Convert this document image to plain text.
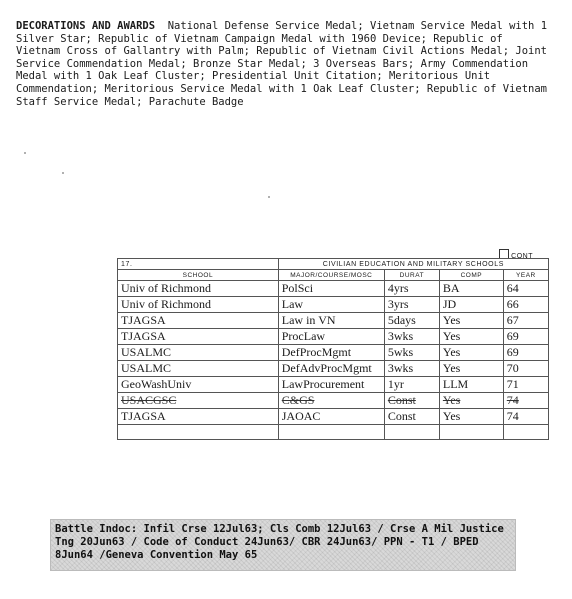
DECORATIONS AND AWARDS National Defense Service Medal; Vietnam Service Medal with 1 Silver Star; Republic of Vietnam Campaign Medal with 1960 Device; Republic of Vietnam Cross of Gallantry with Palm; Republic of Vietnam Civil Actions Medal; Joint Service Commendation Medal; Bronze Star Medal; 3 Overseas Bars; Army Commendation Medal with 1 Oak Leaf Cluster; Presidential Unit Citation; Meritorious Unit Commendation; Meritorious Service Medal with 1 Oak Leaf Cluster; Republic of Vietnam Staff Service Medal; Parachute Badge

CONT
17.	CIVILIAN EDUCATION AND MILITARY SCHOOLS			
SCHOOL	MAJOR/COURSE/MOSC	DURAT	COMP	YEAR
Univ of Richmond	PolSci	4yrs	BA	64
Univ of Richmond	Law	3yrs	JD	66
TJAGSA	Law in VN	5days	Yes	67
TJAGSA	ProcLaw	3wks	Yes	69
USALMC	DefProcMgmt	5wks	Yes	69
USALMC	DefAdvProcMgmt	3wks	Yes	70
GeoWashUniv	LawProcurement	1yr	LLM	71
USACGSC	C&GS	Const	Yes	74
TJAGSA	JAOAC	Const	Yes	74

Battle Indoc: Infil Crse 12Jul63; Cls Comb 12Jul63 / Crse A Mil Justice Tng 20Jun63 / Code of Conduct 24Jun63/ CBR 24Jun63/ PPN - T1 / BPED 8Jun64 /Geneva Convention May 65
